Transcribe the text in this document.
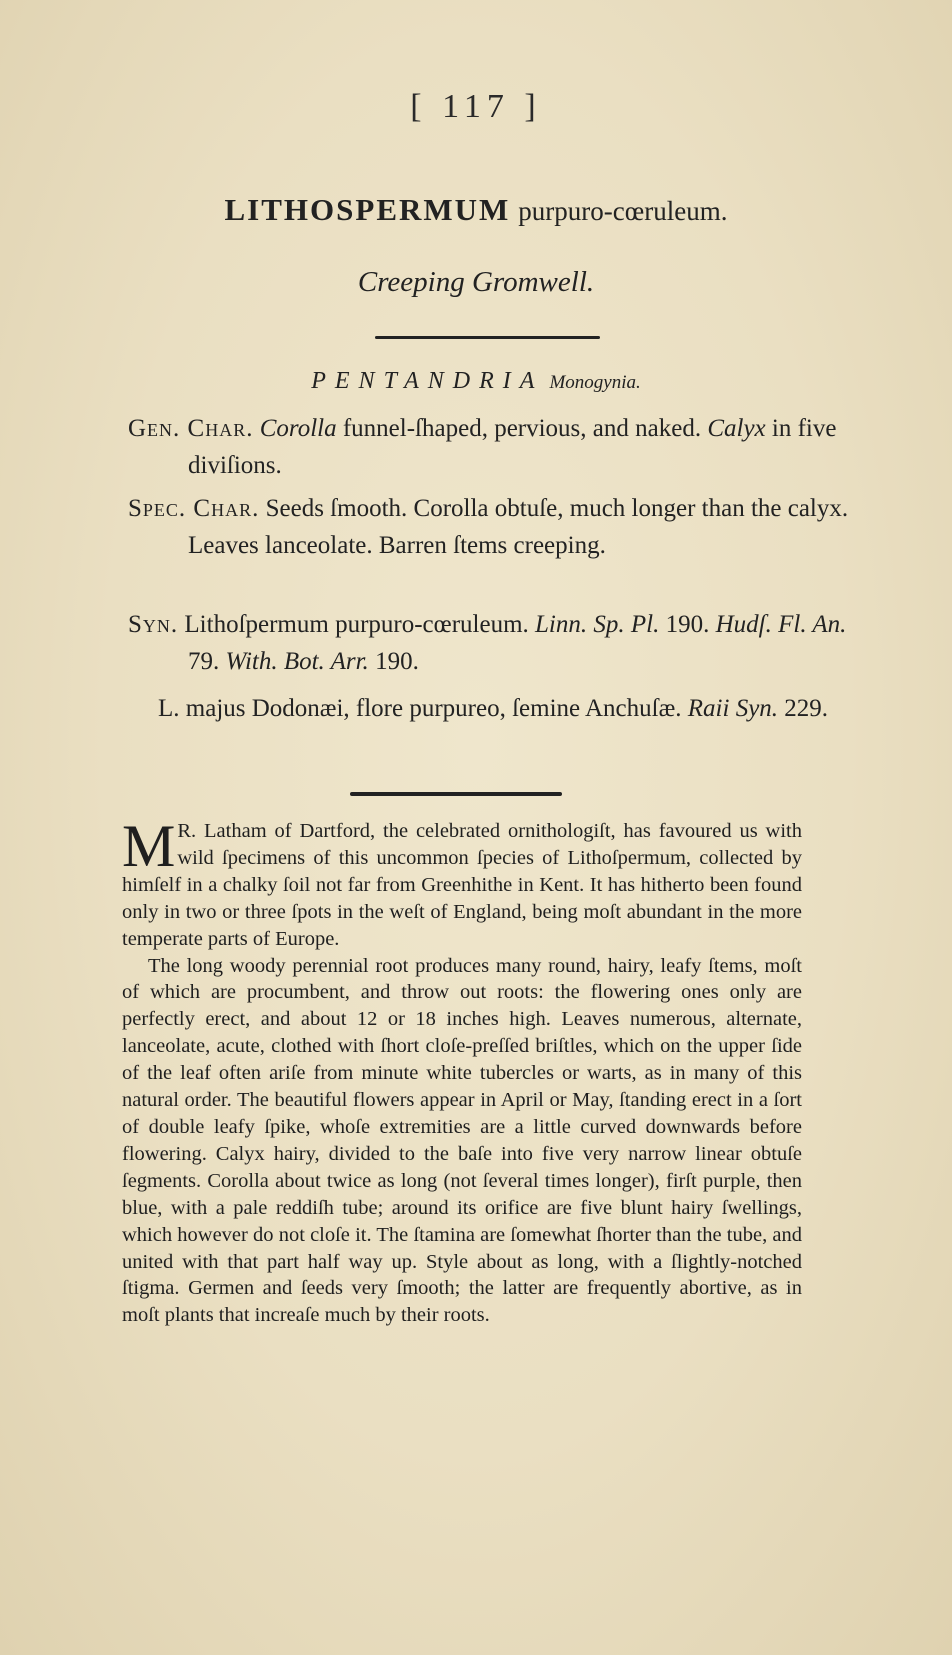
[ 117 ]
LITHOSPERMUM purpuro-cœruleum.
Creeping Gromwell.
PENTANDRIA Monogynia.
Gen. Char. Corolla funnel-ſhaped, pervious, and naked. Calyx in five diviſions.
Spec. Char. Seeds ſmooth. Corolla obtuſe, much longer than the calyx. Leaves lanceolate. Barren ſtems creeping.
Syn. Lithoſpermum purpuro-cœruleum. Linn. Sp. Pl. 190. Hudſ. Fl. An. 79. With. Bot. Arr. 190.
L. majus Dodonæi, flore purpureo, ſemine Anchuſæ. Raii Syn. 229.

M R. Latham of Dartford, the celebrated ornithologiſt, has favoured us with wild ſpecimens of this uncommon ſpecies of Lithoſpermum, collected by himſelf in a chalky ſoil not far from Greenhithe in Kent. It has hitherto been found only in two or three ſpots in the weſt of England, being moſt abundant in the more temperate parts of Europe.

The long woody perennial root produces many round, hairy, leafy ſtems, moſt of which are procumbent, and throw out roots: the flowering ones only are perfectly erect, and about 12 or 18 inches high. Leaves numerous, alternate, lanceolate, acute, clothed with ſhort cloſe-preſſed briſtles, which on the upper ſide of the leaf often ariſe from minute white tubercles or warts, as in many of this natural order. The beautiful flowers appear in April or May, ſtanding erect in a ſort of double leafy ſpike, whoſe extremities are a little curved downwards before flowering. Calyx hairy, divided to the baſe into five very narrow linear obtuſe ſegments. Corolla about twice as long (not ſeveral times longer), firſt purple, then blue, with a pale reddiſh tube; around its orifice are five blunt hairy ſwellings, which however do not cloſe it. The ſtamina are ſomewhat ſhorter than the tube, and united with that part half way up. Style about as long, with a ſlightly-notched ſtigma. Germen and ſeeds very ſmooth; the latter are frequently abortive, as in moſt plants that increaſe much by their roots.
